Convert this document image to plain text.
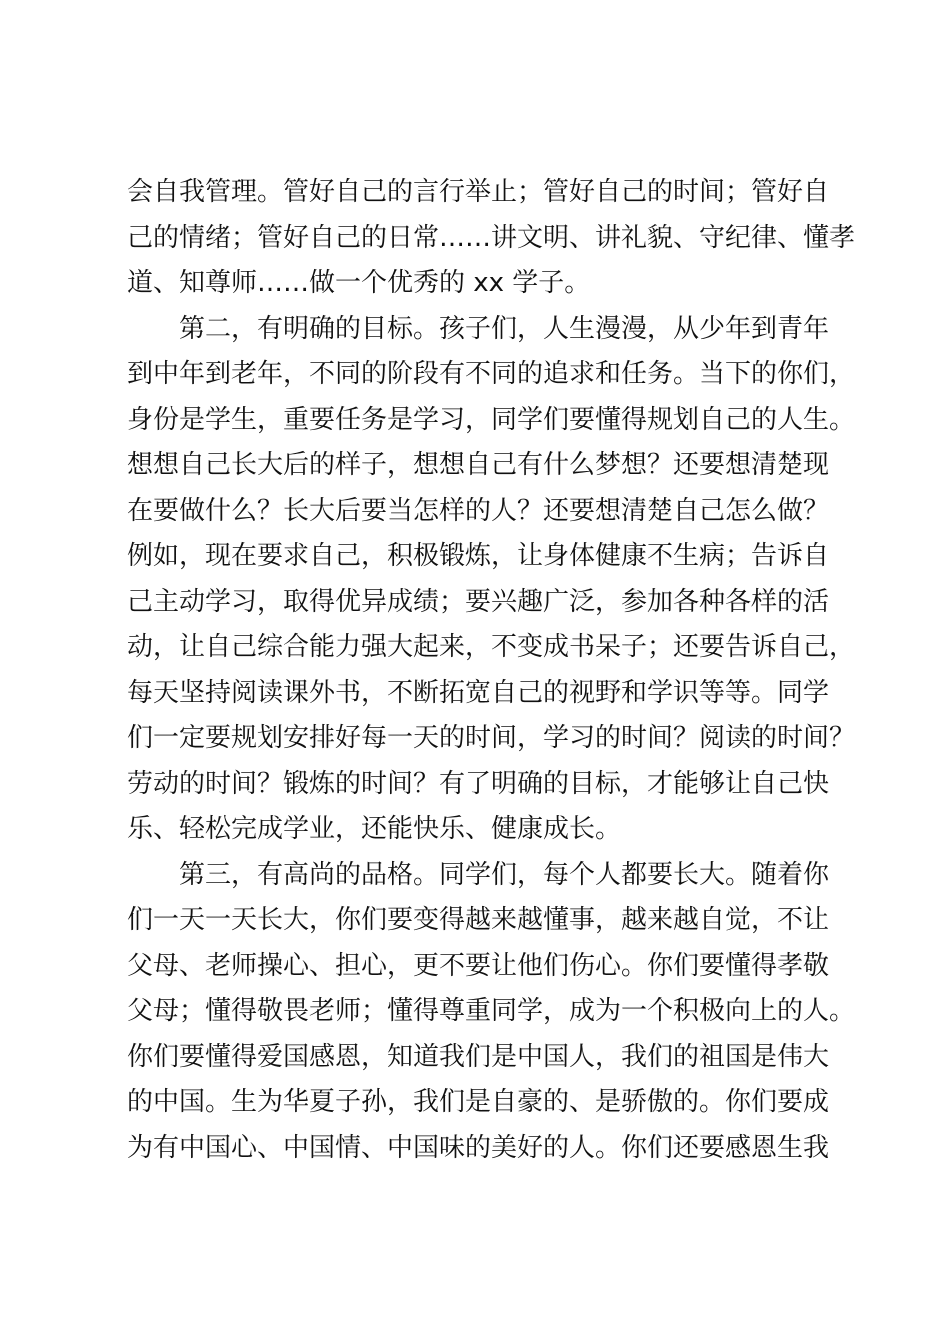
会自我管理。管好自己的言行举止；管好自己的时间；管好自
己的情绪；管好自己的日常……讲文明、讲礼貌、守纪律、懂孝
道、知尊师……做一个优秀的 xx 学子。
第二，有明确的目标。孩子们，人生漫漫，从少年到青年
到中年到老年，不同的阶段有不同的追求和任务。当下的你们，
身份是学生，重要任务是学习，同学们要懂得规划自己的人生。
想想自己长大后的样子，想想自己有什么梦想？还要想清楚现
在要做什么？长大后要当怎样的人？还要想清楚自己怎么做？
例如，现在要求自己，积极锻炼，让身体健康不生病；告诉自
己主动学习，取得优异成绩；要兴趣广泛，参加各种各样的活
动，让自己综合能力强大起来，不变成书呆子；还要告诉自己，
每天坚持阅读课外书，不断拓宽自己的视野和学识等等。同学
们一定要规划安排好每一天的时间，学习的时间？阅读的时间？
劳动的时间？锻炼的时间？有了明确的目标，才能够让自己快
乐、轻松完成学业，还能快乐、健康成长。
第三，有高尚的品格。同学们，每个人都要长大。随着你
们一天一天长大，你们要变得越来越懂事，越来越自觉，不让
父母、老师操心、担心，更不要让他们伤心。你们要懂得孝敬
父母；懂得敬畏老师；懂得尊重同学，成为一个积极向上的人。
你们要懂得爱国感恩，知道我们是中国人，我们的祖国是伟大
的中国。生为华夏子孙，我们是自豪的、是骄傲的。你们要成
为有中国心、中国情、中国味的美好的人。你们还要感恩生我
